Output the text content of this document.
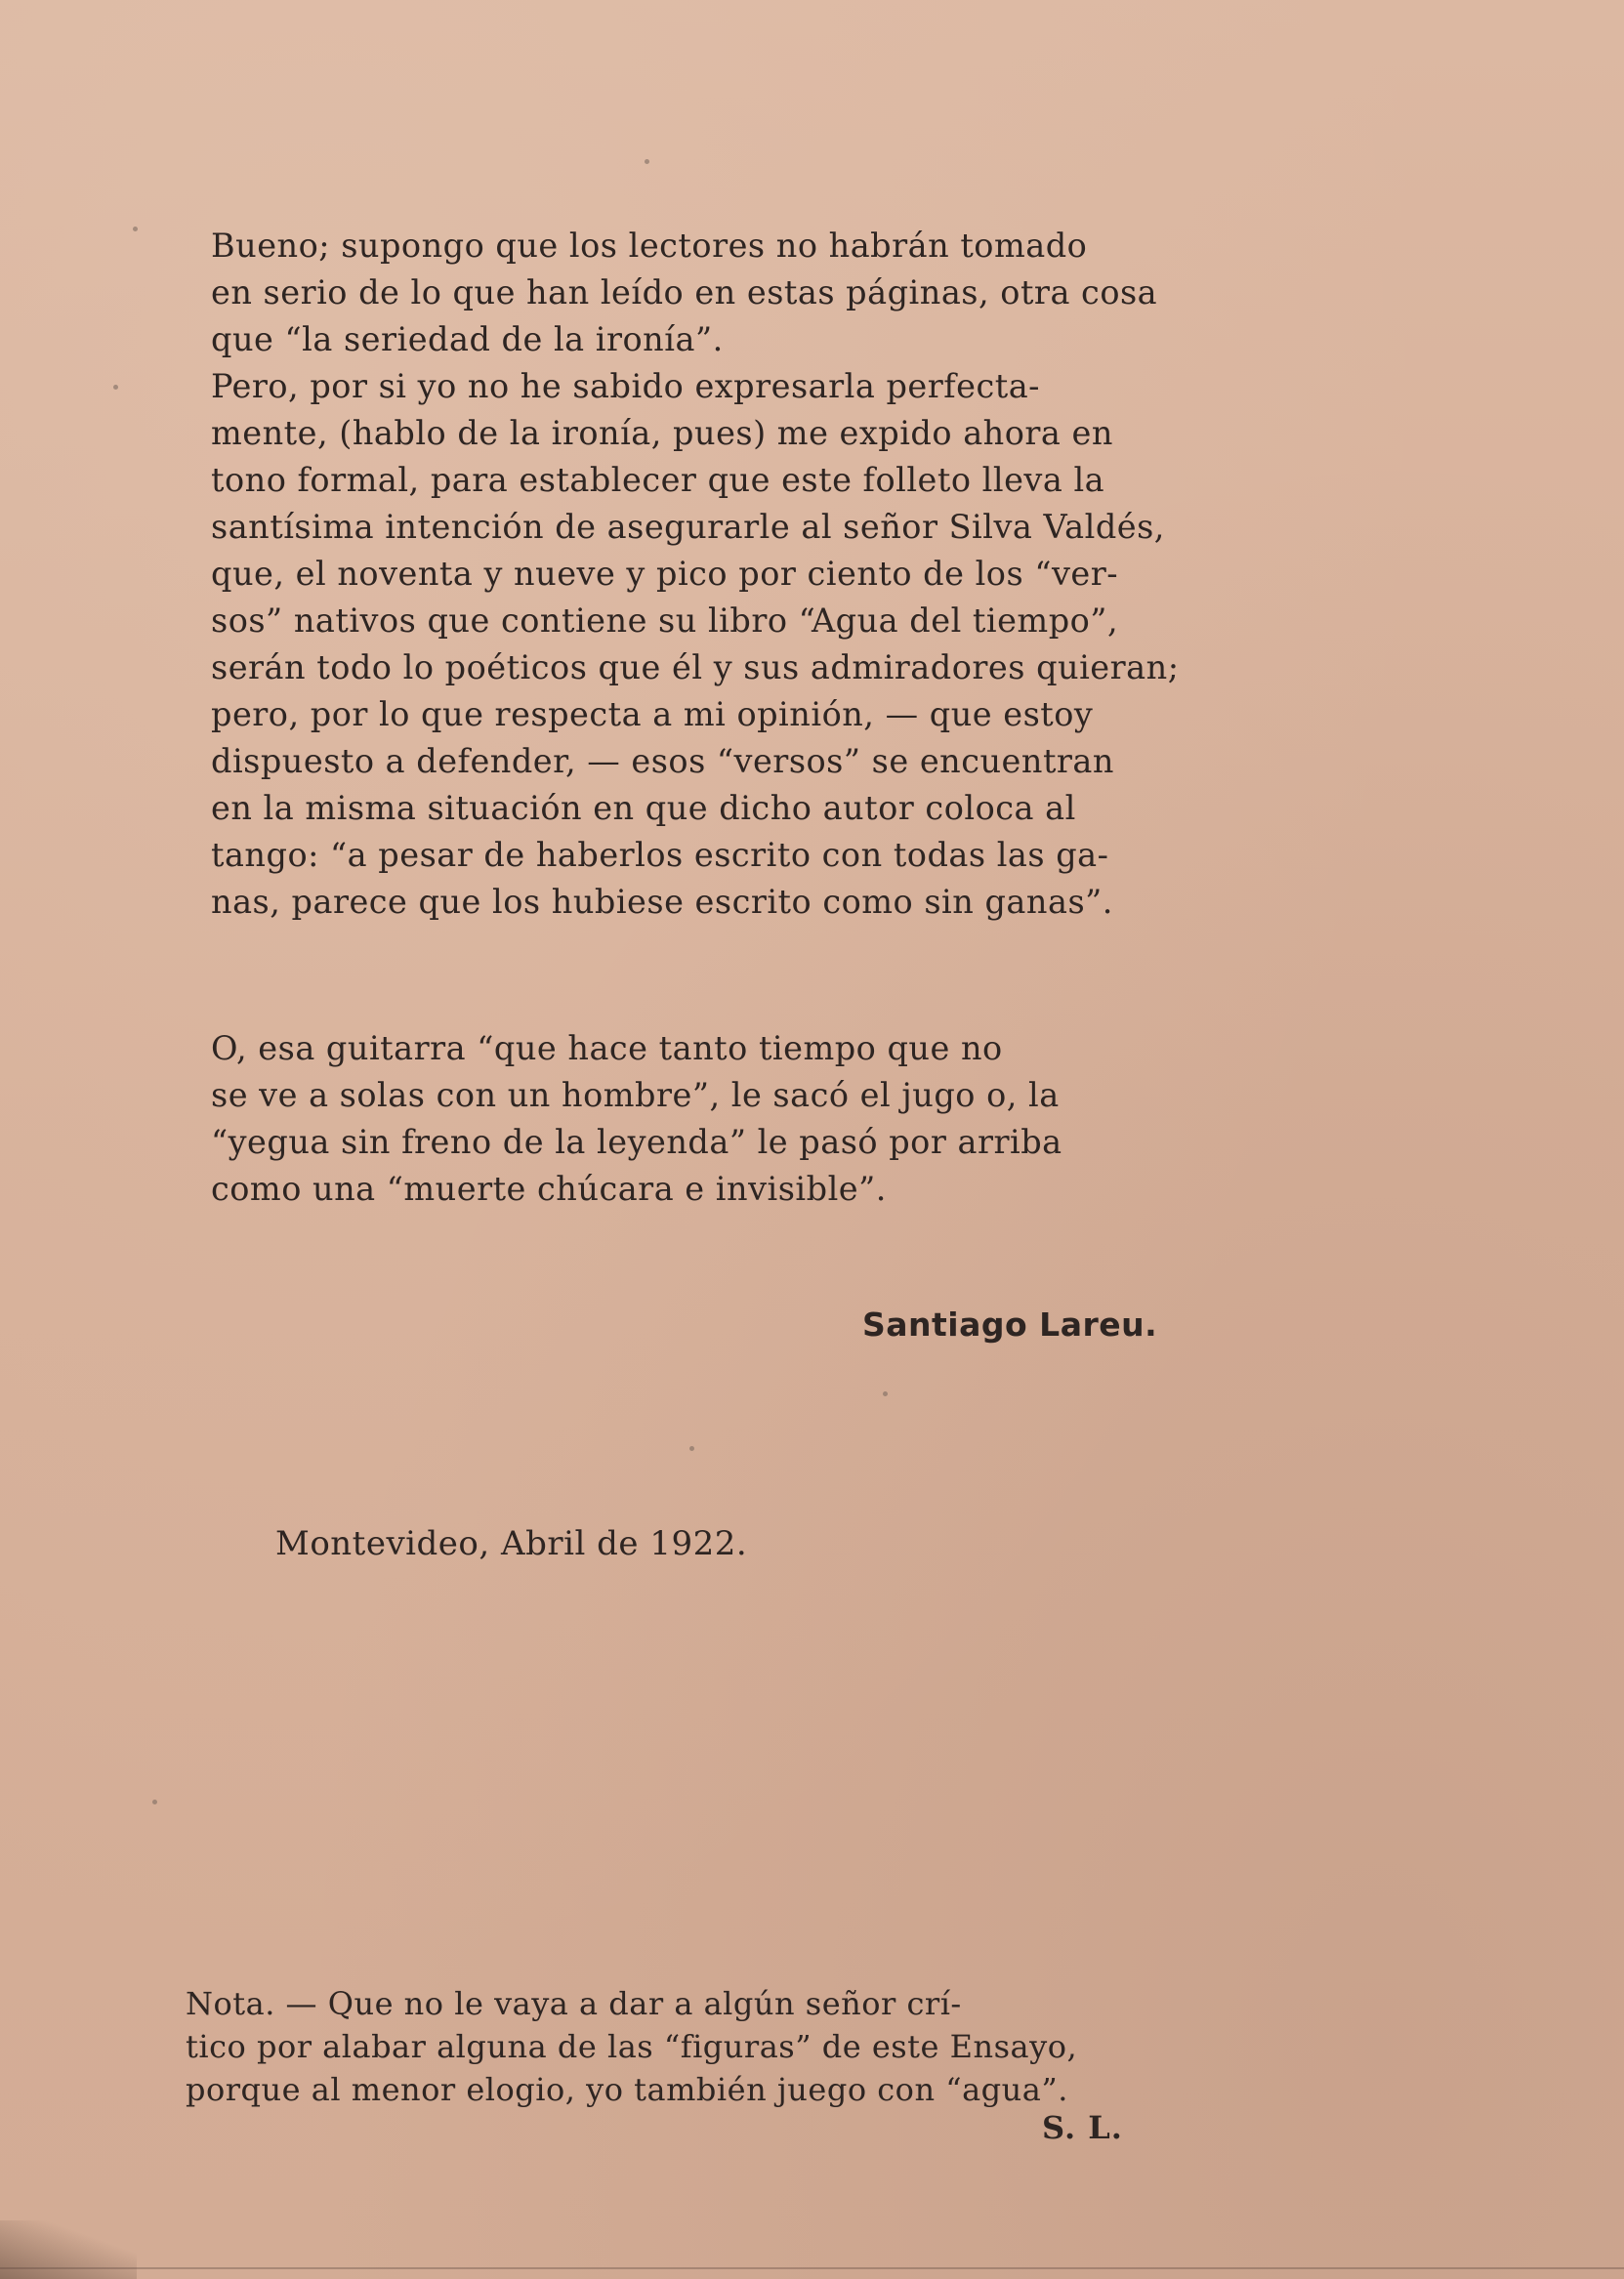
Bueno; supongo que los lectores no habrán tomado
en serio de lo que han leído en estas páginas, otra cosa
que “la seriedad de la ironía”.
Pero, por si yo no he sabido expresarla perfecta-
mente, (hablo de la ironía, pues) me expido ahora en
tono formal, para establecer que este folleto lleva la
santísima intención de asegurarle al señor Silva Valdés,
que, el noventa y nueve y pico por ciento de los “ver-
sos” nativos que contiene su libro “Agua del tiempo”,
serán todo lo poéticos que él y sus admiradores quieran;
pero, por lo que respecta a mi opinión, — que estoy
dispuesto a defender, — esos “versos” se encuentran
en la misma situación en que dicho autor coloca al
tango: “a pesar de haberlos escrito con todas las ga-
nas, parece que los hubiese escrito como sin ganas”.

O, esa guitarra “que hace tanto tiempo que no
se ve a solas con un hombre”, le sacó el jugo o, la
“yegua sin freno de la leyenda” le pasó por arriba
como una “muerte chúcara e invisible”.

Santiago Lareu.

Montevideo, Abril de 1922.

Nota. — Que no le vaya a dar a algún señor crí-
tico por alabar alguna de las “figuras” de este Ensayo,
porque al menor elogio, yo también juego con “agua”.

S. L.
